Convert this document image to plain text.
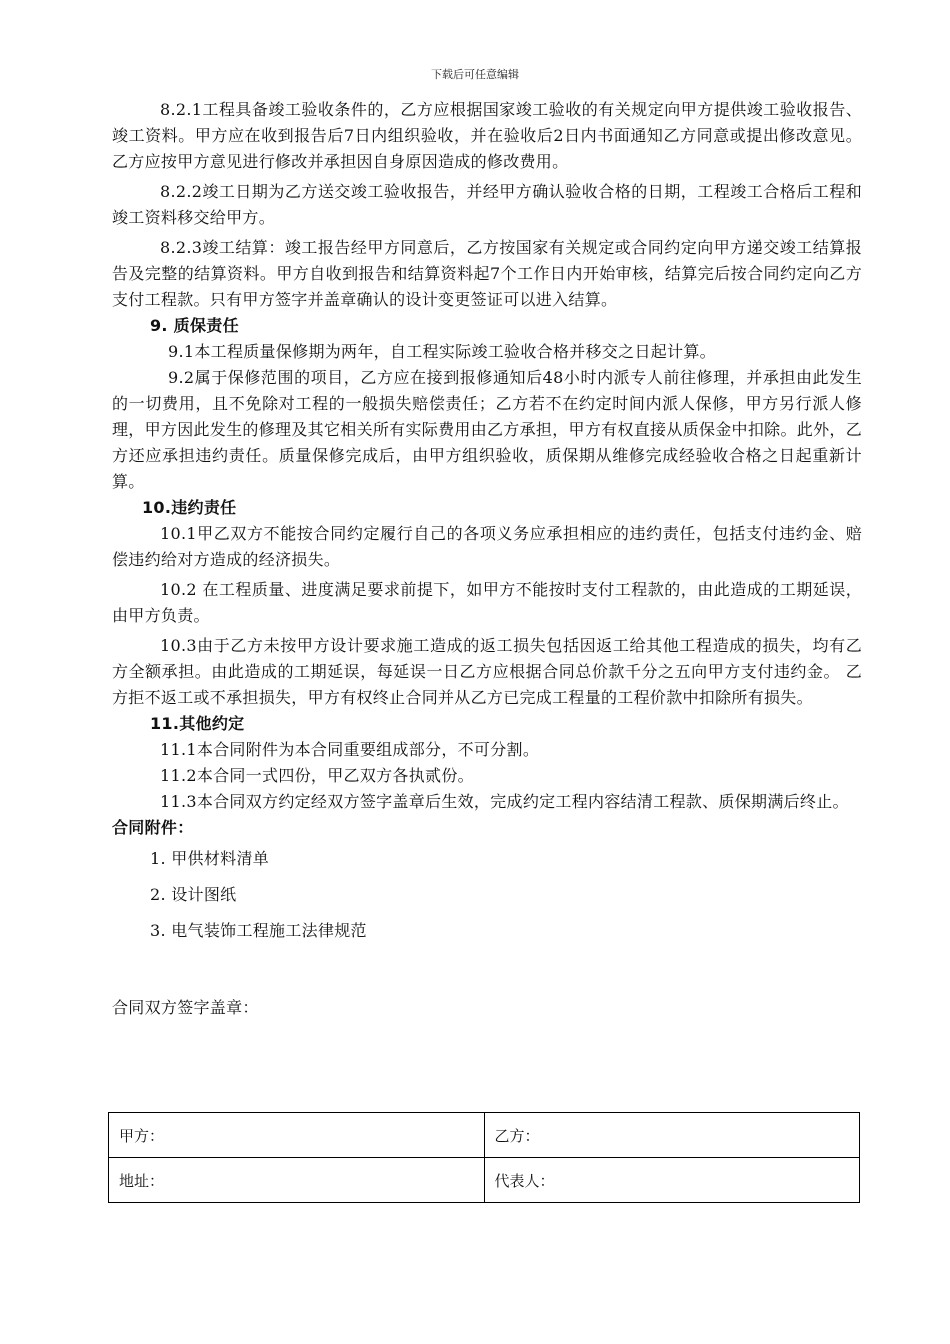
下载后可任意编辑

8.2.1工程具备竣工验收条件的，乙方应根据国家竣工验收的有关规定向甲方提供竣工验收报告、竣工资料。甲方应在收到报告后7日内组织验收，并在验收后2日内书面通知乙方同意或提出修改意见。乙方应按甲方意见进行修改并承担因自身原因造成的修改费用。

8.2.2竣工日期为乙方送交竣工验收报告，并经甲方确认验收合格的日期，工程竣工合格后工程和竣工资料移交给甲方。

8.2.3竣工结算：竣工报告经甲方同意后，乙方按国家有关规定或合同约定向甲方递交竣工结算报告及完整的结算资料。甲方自收到报告和结算资料起7个工作日内开始审核，结算完后按合同约定向乙方支付工程款。只有甲方签字并盖章确认的设计变更签证可以进入结算。

9. 质保责任

9.1本工程质量保修期为两年，自工程实际竣工验收合格并移交之日起计算。

9.2属于保修范围的项目，乙方应在接到报修通知后48小时内派专人前往修理，并承担由此发生的一切费用，且不免除对工程的一般损失赔偿责任；乙方若不在约定时间内派人保修，甲方另行派人修理，甲方因此发生的修理及其它相关所有实际费用由乙方承担，甲方有权直接从质保金中扣除。此外，乙方还应承担违约责任。质量保修完成后，由甲方组织验收，质保期从维修完成经验收合格之日起重新计算。

10.违约责任

10.1甲乙双方不能按合同约定履行自己的各项义务应承担相应的违约责任，包括支付违约金、赔偿违约给对方造成的经济损失。

10.2 在工程质量、进度满足要求前提下，如甲方不能按时支付工程款的，由此造成的工期延误，由甲方负责。

10.3由于乙方未按甲方设计要求施工造成的返工损失包括因返工给其他工程造成的损失，均有乙方全额承担。由此造成的工期延误，每延误一日乙方应根据合同总价款千分之五向甲方支付违约金。 乙方拒不返工或不承担损失，甲方有权终止合同并从乙方已完成工程量的工程价款中扣除所有损失。

11.其他约定

11.1本合同附件为本合同重要组成部分，不可分割。

11.2本合同一式四份，甲乙双方各执贰份。

11.3本合同双方约定经双方签字盖章后生效，完成约定工程内容结清工程款、质保期满后终止。

合同附件：

1. 甲供材料清单
2. 设计图纸
3. 电气装饰工程施工法律规范

合同双方签字盖章：

甲方：	乙方：
地址：	代表人：
